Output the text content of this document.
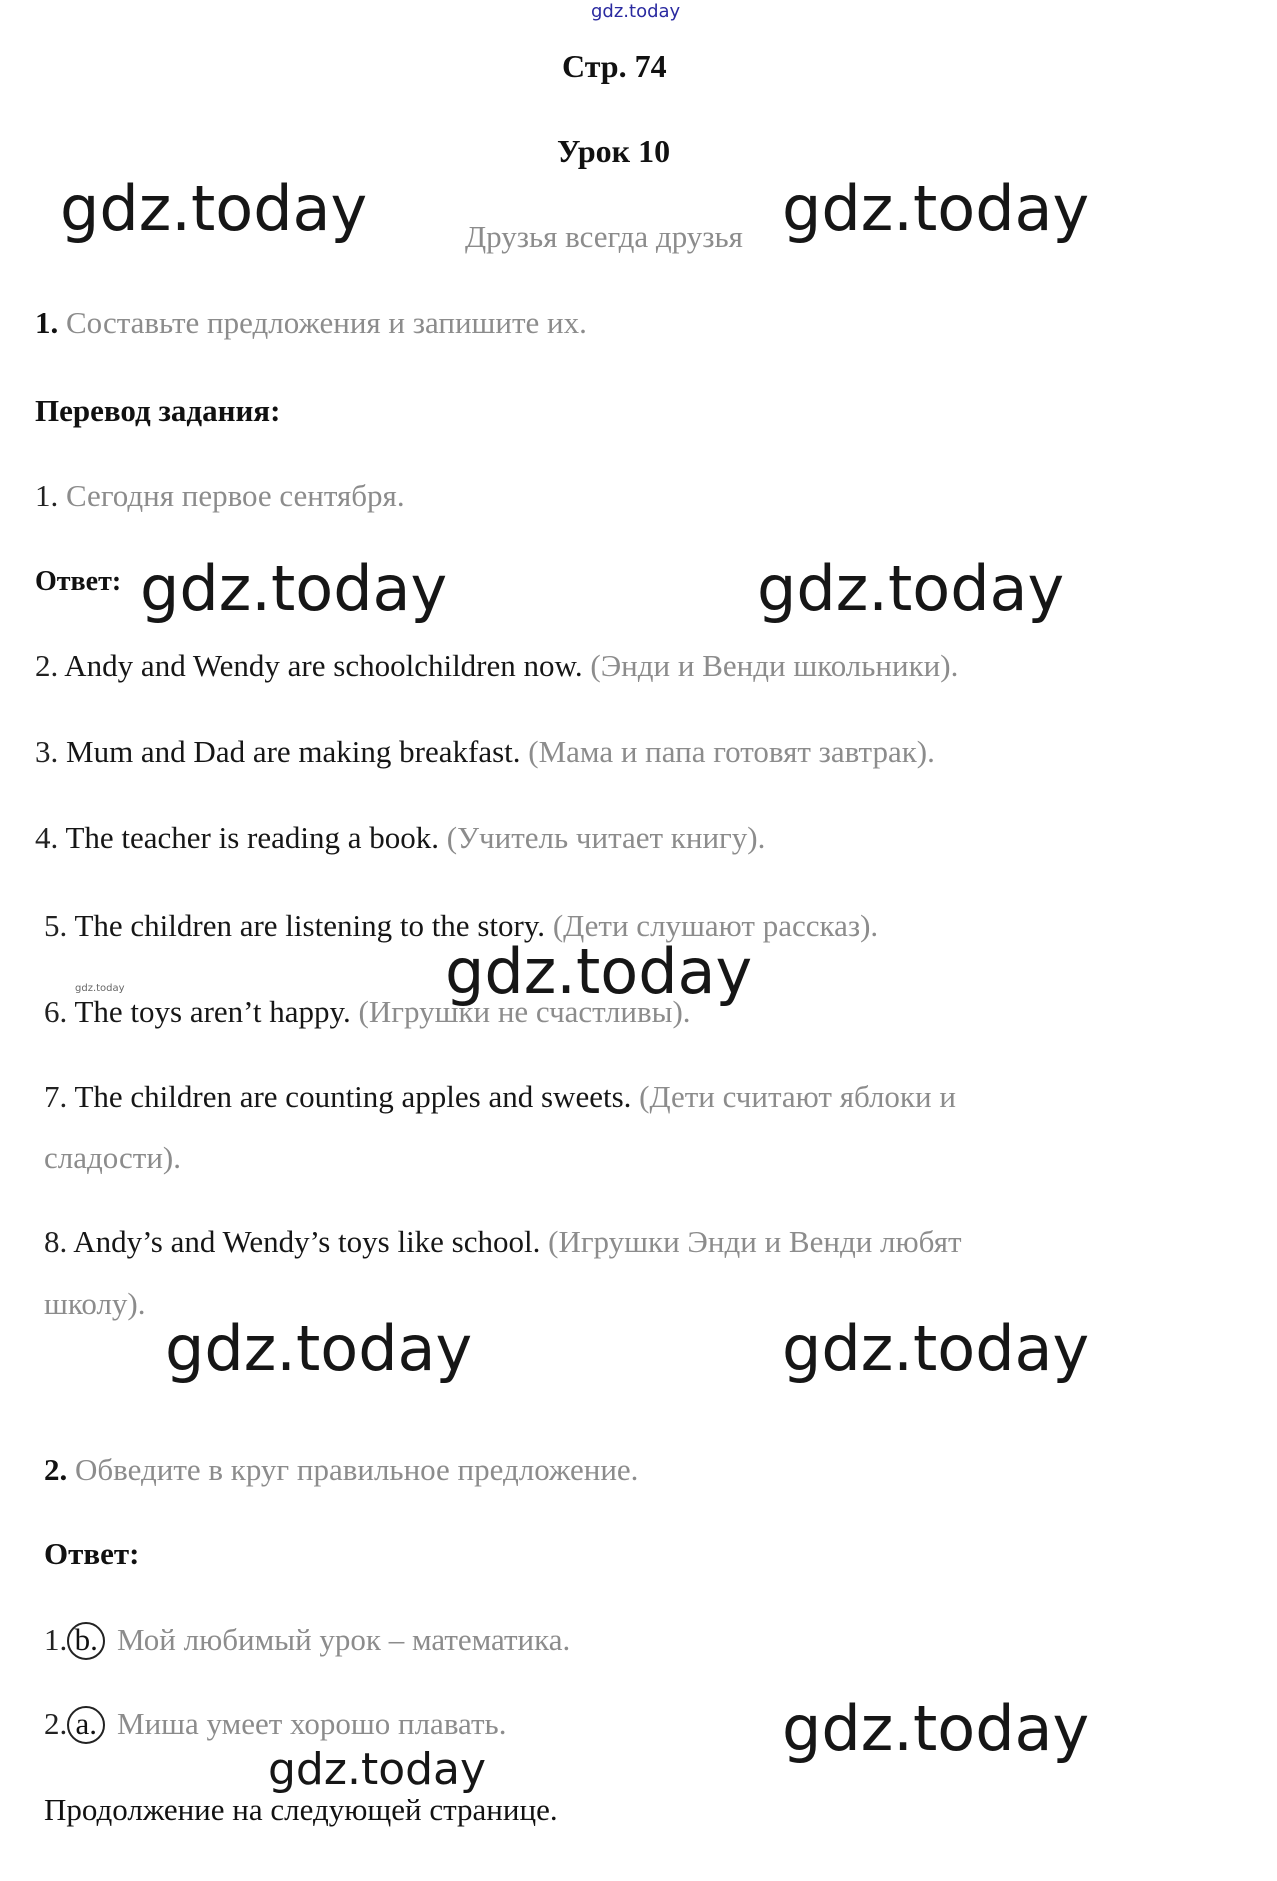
gdz.today
Стр. 74
Урок 10
Друзья всегда друзья
gdz.today	gdz.today
1. Составьте предложения и запишите их.
Перевод задания:
1. Сегодня первое сентября.
Ответ: gdz.today	gdz.today
2. Andy and Wendy are schoolchildren now. (Энди и Венди школьники).
3. Mum and Dad are making breakfast. (Мама и папа готовят завтрак).
4. The teacher is reading a book. (Учитель читает книгу).
5. The children are listening to the story. (Дети слушают рассказ).
gdz.today
gdz.today
6. The toys aren’t happy. (Игрушки не счастливы).
7. The children are counting apples and sweets. (Дети считают яблоки и
сладости).
8. Andy’s and Wendy’s toys like school. (Игрушки Энди и Венди любят
школу).
gdz.today	gdz.today
2. Обведите в круг правильное предложение.
Ответ:
1. b. Мой любимый урок – математика.
2. a. Миша умеет хорошо плавать.	gdz.today
gdz.today
Продолжение на следующей странице.
